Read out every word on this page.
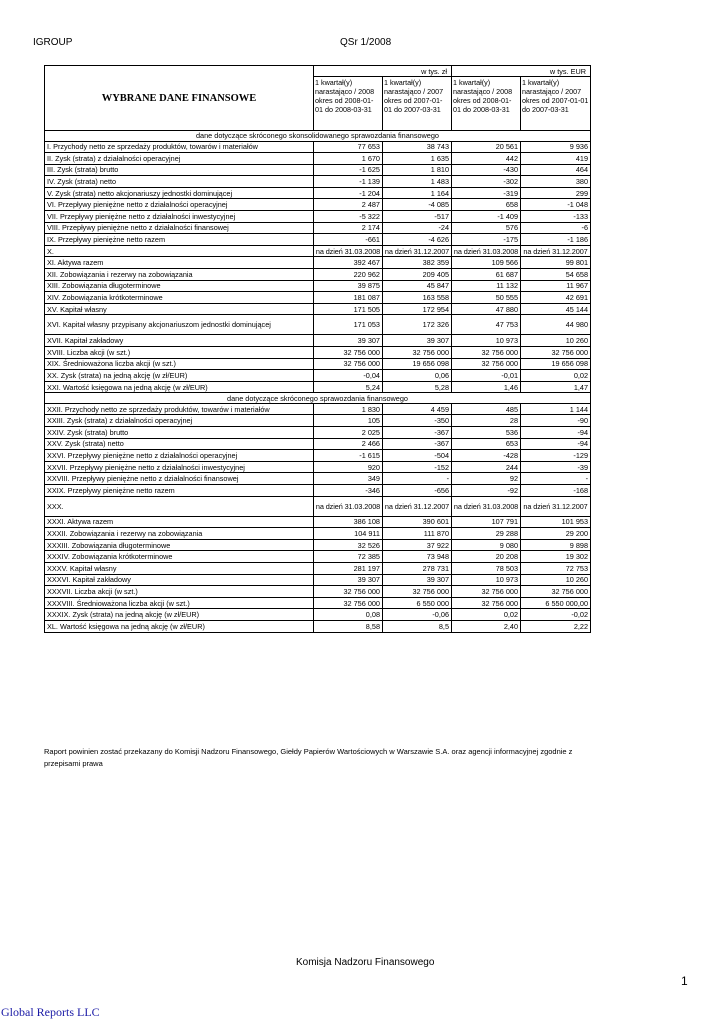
IGROUP	QSr 1/2008
WYBRANE DANE FINANSOWE	w tys. zł		w tys. EUR	
	1 kwartał(y) narastająco / 2008 okres od 2008-01-01 do 2008-03-31	1 kwartał(y) narastająco / 2007 okres od 2007-01-01 do 2007-03-31	1 kwartał(y) narastająco / 2008 okres od 2008-01-01 do 2008-03-31	1 kwartał(y) narastająco / 2007 okres od 2007-01-01 do 2007-03-31
dane dotyczące skróconego skonsolidowanego sprawozdania finansowego				
I. Przychody netto ze sprzedaży produktów, towarów i materiałów	77 653	38 743	20 561	9 936
II. Zysk (strata) z działalności operacyjnej	1 670	1 635	442	419
III. Zysk (strata) brutto	-1 625	1 810	-430	464
IV. Zysk (strata) netto	-1 139	1 483	-302	380
V. Zysk (strata) netto akcjonariuszy jednostki dominującej	-1 204	1 164	-319	299
VI. Przepływy pieniężne netto z działalności operacyjnej	2 487	-4 085	658	-1 048
VII. Przepływy pieniężne netto z działalności inwestycyjnej	-5 322	-517	-1 409	-133
VIII. Przepływy pieniężne netto z działalności finansowej	2 174	-24	576	-6
IX. Przepływy pieniężne netto razem	-661	-4 626	-175	-1 186
X.	na dzień 31.03.2008	na dzień 31.12.2007	na dzień 31.03.2008	na dzień 31.12.2007
XI. Aktywa razem	392 467	382 359	109 566	99 801
XII. Zobowiązania i rezerwy na zobowiązania	220 962	209 405	61 687	54 658
XIII. Zobowiązania długoterminowe	39 875	45 847	11 132	11 967
XIV. Zobowiązania krótkoterminowe	181 087	163 558	50 555	42 691
XV. Kapitał własny	171 505	172 954	47 880	45 144
XVI. Kapitał własny przypisany akcjonariuszom jednostki dominującej	171 053	172 326	47 753	44 980
XVII. Kapitał zakładowy	39 307	39 307	10 973	10 260
XVIII. Liczba akcji (w szt.)	32 756 000	32 756 000	32 756 000	32 756 000
XIX. Średnioważona liczba akcji (w szt.)	32 756 000	19 656 098	32 756 000	19 656 098
XX. Zysk (strata) na jedną akcję (w zł/EUR)	-0,04	0,06	-0,01	0,02
XXI. Wartość księgowa na jedną akcję (w zł/EUR)	5,24	5,28	1,46	1,47
dane dotyczące skróconego sprawozdania finansowego				
XXII. Przychody netto ze sprzedaży produktów, towarów i materiałów	1 830	4 459	485	1 144
XXIII. Zysk (strata) z działalności operacyjnej	105	-350	28	-90
XXIV. Zysk (strata) brutto	2 025	-367	536	-94
XXV. Zysk (strata) netto	2 466	-367	653	-94
XXVI. Przepływy pieniężne netto z działalności operacyjnej	-1 615	-504	-428	-129
XXVII. Przepływy pieniężne netto z działalności inwestycyjnej	920	-152	244	-39
XXVIII. Przepływy pieniężne netto z działalności finansowej	349	-	92	-
XXIX. Przepływy pieniężne netto razem	-346	-656	-92	-168
XXX.	na dzień 31.03.2008	na dzień 31.12.2007	na dzień 31.03.2008	na dzień 31.12.2007
XXXI. Aktywa razem	386 108	390 601	107 791	101 953
XXXII. Zobowiązania i rezerwy na zobowiązania	104 911	111 870	29 288	29 200
XXXIII. Zobowiązania długoterminowe	32 526	37 922	9 080	9 898
XXXIV. Zobowiązania krótkoterminowe	72 385	73 948	20 208	19 302
XXXV. Kapitał własny	281 197	278 731	78 503	72 753
XXXVI. Kapitał zakładowy	39 307	39 307	10 973	10 260
XXXVII. Liczba akcji (w szt.)	32 756 000	32 756 000	32 756 000	32 756 000
XXXVIII. Średnioważona liczba akcji (w szt.)	32 756 000	6 550 000	32 756 000	6 550 000,00
XXXIX. Zysk (strata) na jedną akcję (w zł/EUR)	0,08	-0,06	0,02	-0,02
XL. Wartość księgowa na jedną akcję (w zł/EUR)	8,58	8,5	2,40	2,22
Raport powinien zostać przekazany do Komisji Nadzoru Finansowego, Giełdy Papierów Wartościowych w Warszawie S.A. oraz agencji informacyjnej zgodnie z przepisami prawa
Komisja Nadzoru Finansowego
1
Global Reports LLC
